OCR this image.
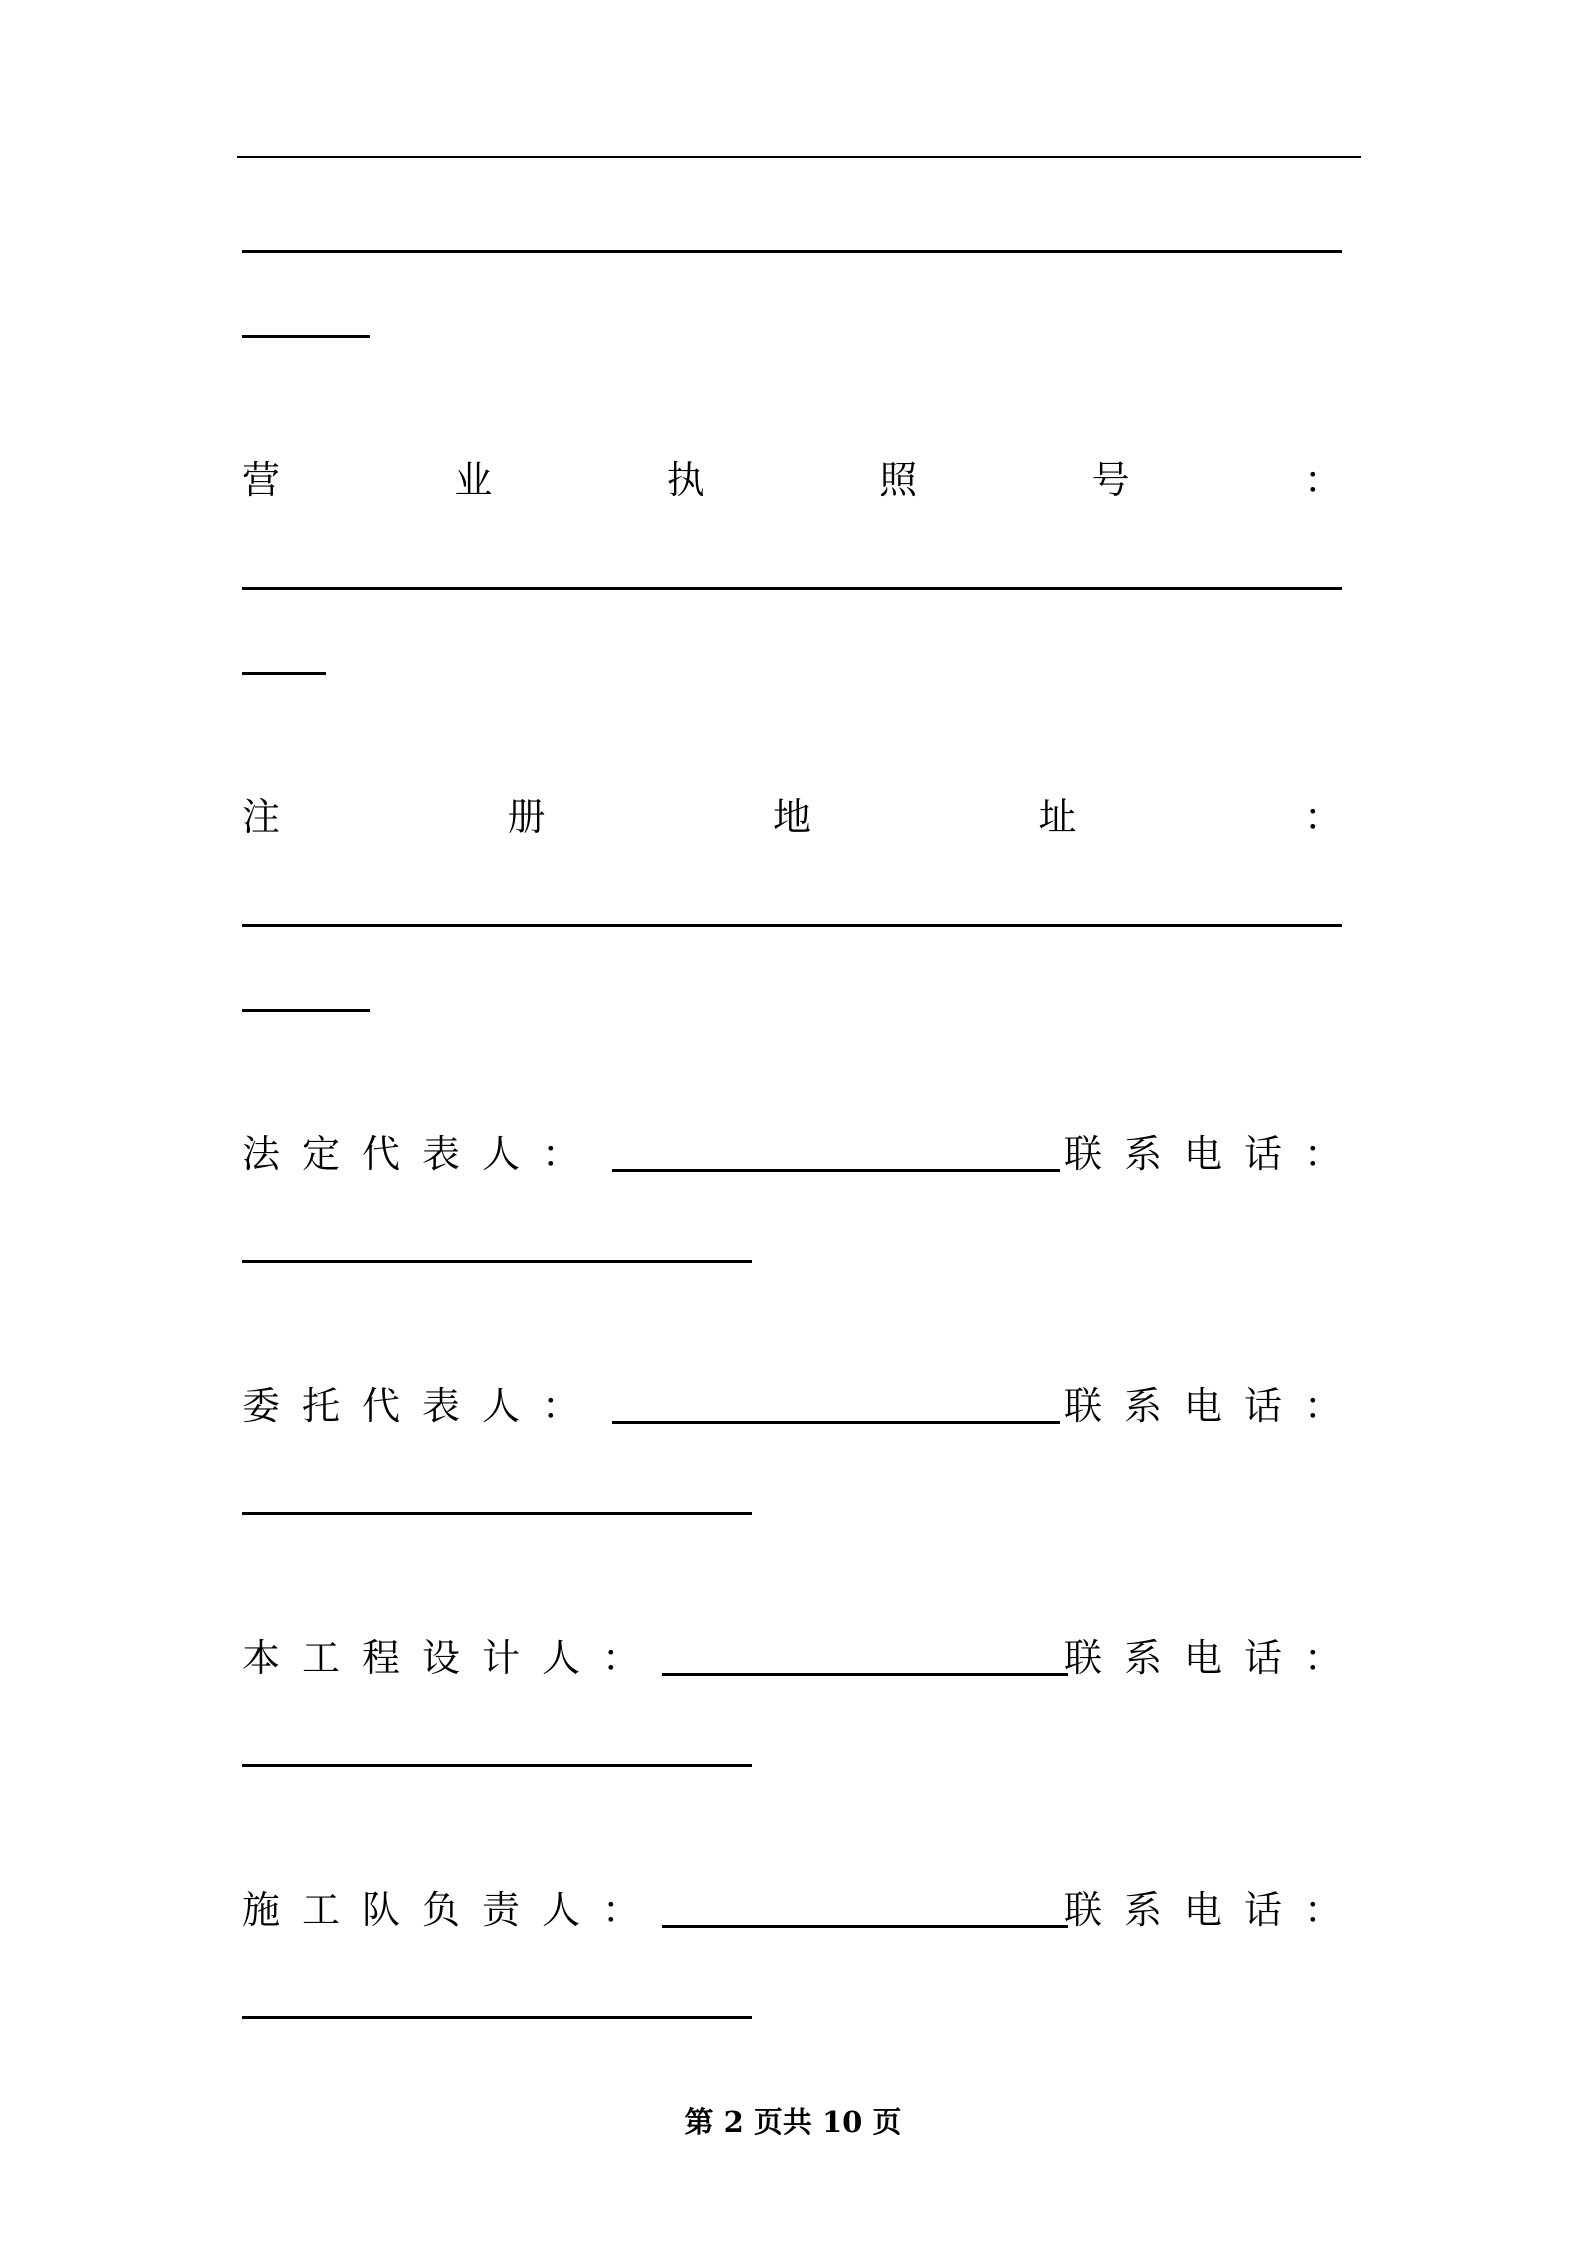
营	业	执	照	号	：
注	册	地	址	：
法定代表人：	联系电话：
委托代表人：	联系电话：
本工程设计人：	联系电话：
施工队负责人：	联系电话：
第 2 页共 10 页
